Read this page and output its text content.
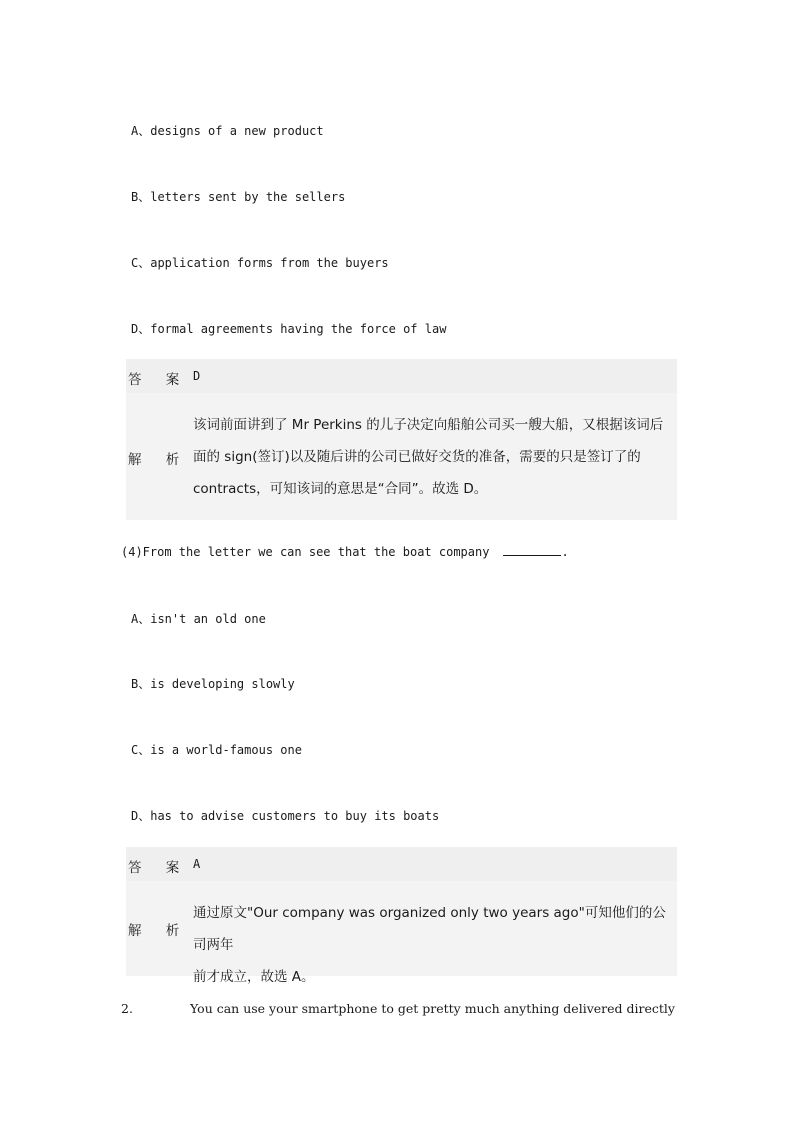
A、designs of a new product
B、letters sent by the sellers
C、application forms from the buyers
D、formal agreements having the force of law
答 案 D
解 析
该词前面讲到了 Mr Perkins 的儿子决定向船舶公司买一艘大船，又根据该词后
面的 sign(签订)以及随后讲的公司已做好交货的准备，需要的只是签订了的
contracts，可知该词的意思是“合同”。故选 D。
(4)From the letter we can see that the boat company	.
A、isn't an old one
B、is developing slowly
C、is a world-famous one
D、has to advise customers to buy its boats
答 案 A
解 析
通过原文"Our company was organized only two years ago"可知他们的公司两年
前才成立，故选 A。
2.	You can use your smartphone to get pretty much anything delivered directly
